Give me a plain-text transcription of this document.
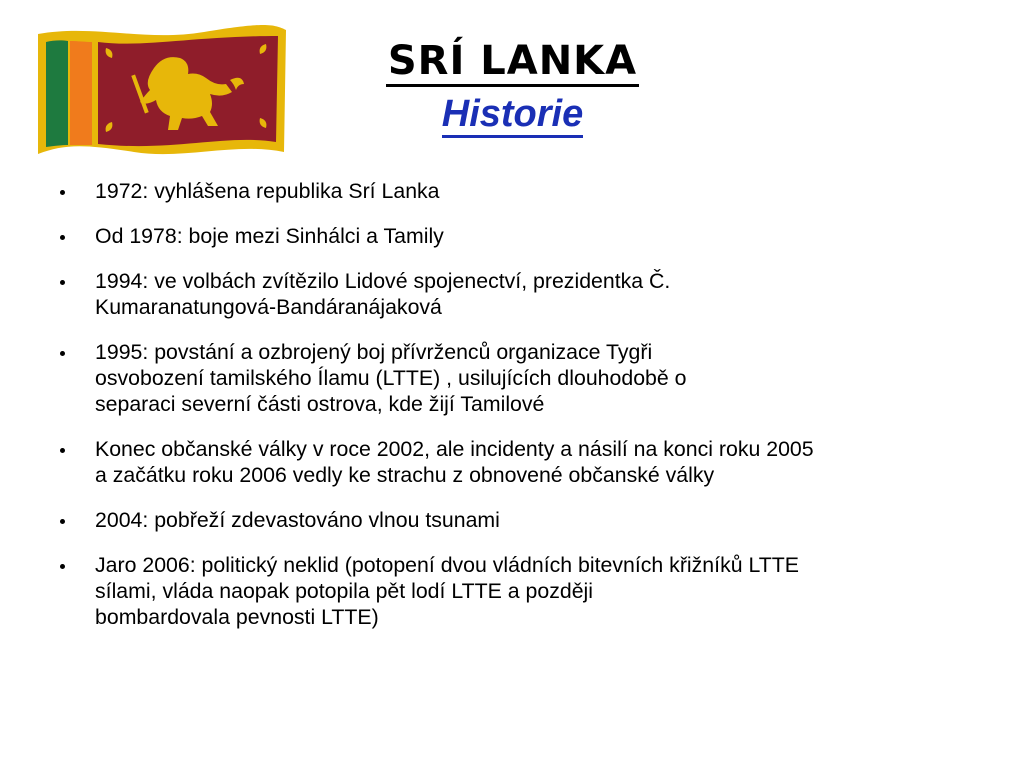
SRÍ LANKA
Historie
1972: vyhlášena republika Srí Lanka
Od 1978: boje mezi Sinhálci a Tamily
1994: ve volbách zvítězilo Lidové spojenectví, prezidentka Č.
Kumaranatungová-Bandáranájaková
1995: povstání a ozbrojený boj přívrženců organizace Tygři
osvobození tamilského Ílamu (LTTE) , usilujících dlouhodobě o
separaci severní části ostrova, kde žijí Tamilové
Konec občanské války v roce 2002, ale incidenty a násilí na konci roku 2005
a začátku roku 2006 vedly ke strachu z obnovené občanské války
2004: pobřeží zdevastováno vlnou tsunami
Jaro 2006: politický neklid (potopení dvou vládních bitevních křižníků LTTE
sílami, vláda naopak potopila pět lodí LTTE a později
bombardovala pevnosti LTTE)
